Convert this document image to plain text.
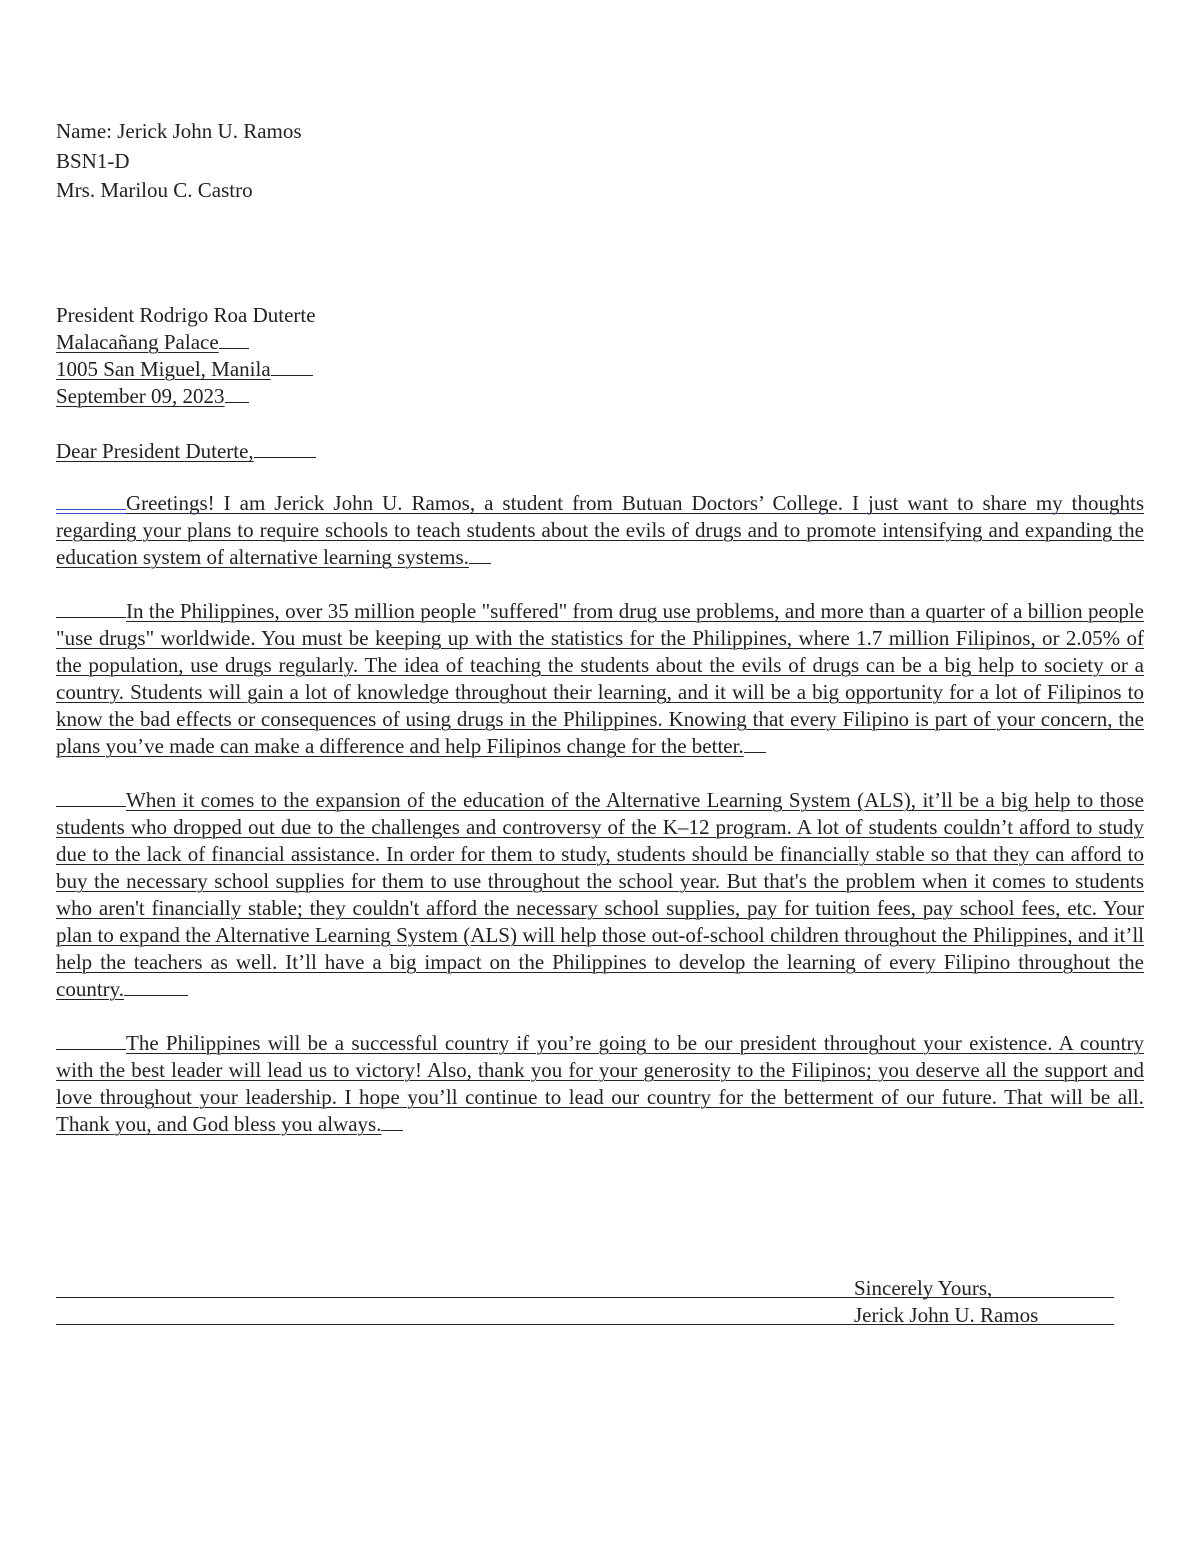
Name: Jerick John U. Ramos
BSN1-D
Mrs. Marilou C. Castro
President Rodrigo Roa Duterte
Malacañang Palace
1005 San Miguel, Manila
September 09, 2023
Dear President Duterte,
Greetings! I am Jerick John U. Ramos, a student from Butuan Doctors’ College. I just want to share my thoughts regarding your plans to require schools to teach students about the evils of drugs and to promote intensifying and expanding the education system of alternative learning systems.
In the Philippines, over 35 million people "suffered" from drug use problems, and more than a quarter of a billion people "use drugs" worldwide. You must be keeping up with the statistics for the Philippines, where 1.7 million Filipinos, or 2.05% of the population, use drugs regularly. The idea of teaching the students about the evils of drugs can be a big help to society or a country. Students will gain a lot of knowledge throughout their learning, and it will be a big opportunity for a lot of Filipinos to know the bad effects or consequences of using drugs in the Philippines. Knowing that every Filipino is part of your concern, the plans you’ve made can make a difference and help Filipinos change for the better.
When it comes to the expansion of the education of the Alternative Learning System (ALS), it’ll be a big help to those students who dropped out due to the challenges and controversy of the K–12 program. A lot of students couldn’t afford to study due to the lack of financial assistance. In order for them to study, students should be financially stable so that they can afford to buy the necessary school supplies for them to use throughout the school year. But that's the problem when it comes to students who aren't financially stable; they couldn't afford the necessary school supplies, pay for tuition fees, pay school fees, etc. Your plan to expand the Alternative Learning System (ALS) will help those out-of-school children throughout the Philippines, and it’ll help the teachers as well. It’ll have a big impact on the Philippines to develop the learning of every Filipino throughout the country.
The Philippines will be a successful country if you’re going to be our president throughout your existence. A country with the best leader will lead us to victory! Also, thank you for your generosity to the Filipinos; you deserve all the support and love throughout your leadership. I hope you’ll continue to lead our country for the betterment of our future. That will be all. Thank you, and God bless you always.
Sincerely Yours,
Jerick John U. Ramos
